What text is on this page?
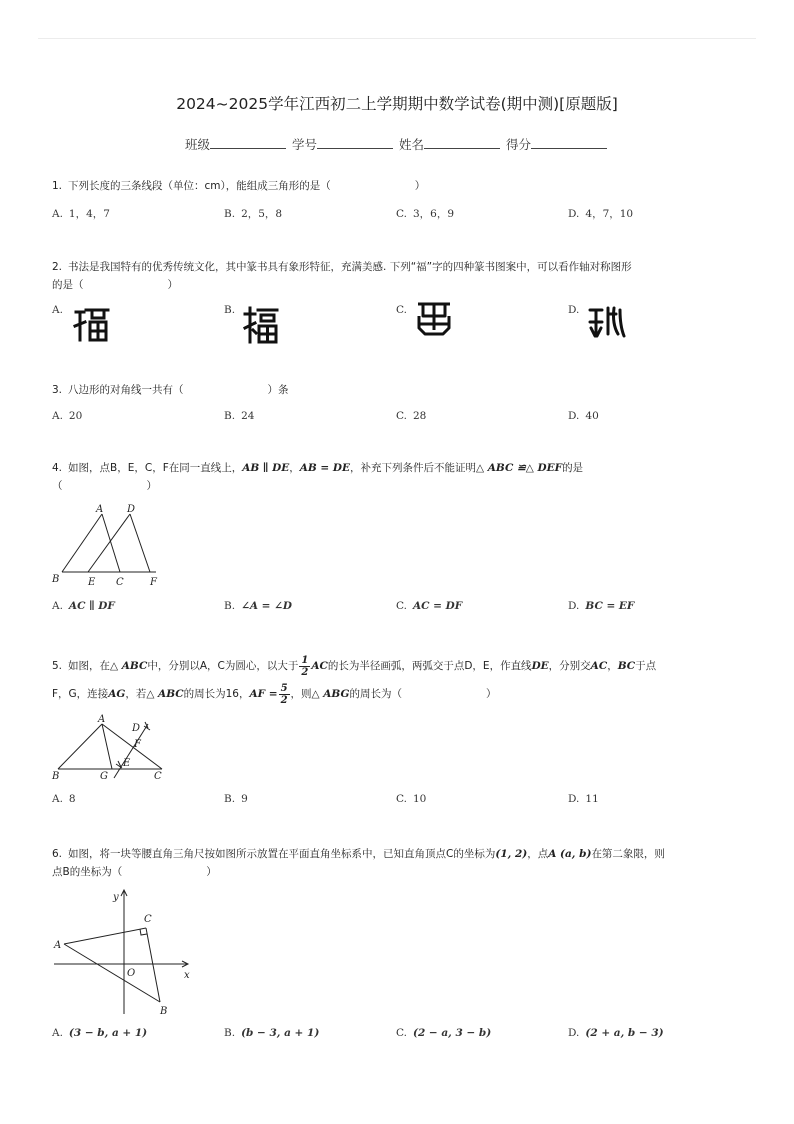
2024~2025学年江西初二上学期期中数学试卷(期中测)[原题版]
班级	学号	姓名	得分
1. 下列长度的三条线段（单位：cm），能组成三角形的是（　　　　　　　　）
A. 1，4，7	B. 2，5，8	C. 3，6，9	D. 4，7，10
2. 书法是我国特有的优秀传统文化，其中篆书具有象形特征，充满美感. 下列“福”字的四种篆书图案中，可以看作轴对称图形
的是（　　　　　　　　）
A.	B.	C.	D.
3. 八边形的对角线一共有（　　　　　　　　）条
A. 20	B. 24	C. 28	D. 40
4. 如图，点B，E，C，F在同一直线上，AB ∥ DE，AB = DE，补充下列条件后不能证明△ ABC ≌△ DEF的是
（　　　　　　　　）
A D
B	E C	F
A. AC ∥ DF	B. ∠A = ∠D	C. AC = DF	D. BC = EF
5. 如图，在△ ABC中，分别以A，C为圆心，以大于 $\frac{1}{2}$ AC的长为半径画弧，两弧交于点D，E，作直线DE，分别交AC，BC于点
F，G，连接AG，若△ ABC的周长为16，AF = $\frac{5}{2}$ ，则△ ABG的周长为（　　　　　　　　）
A
D
F
E
B	G	C
A. 8	B. 9	C. 10	D. 11
6. 如图，将一块等腰直角三角尺按如图所示放置在平面直角坐标系中，已知直角顶点C的坐标为(1, 2)，点A (a, b)在第二象限，则
点B的坐标为（　　　　　　　　）
y
x
C
A
O
B
A. (3 − b, a + 1)	B. (b − 3, a + 1)	C. (2 − a, 3 − b)	D. (2 + a, b − 3)
